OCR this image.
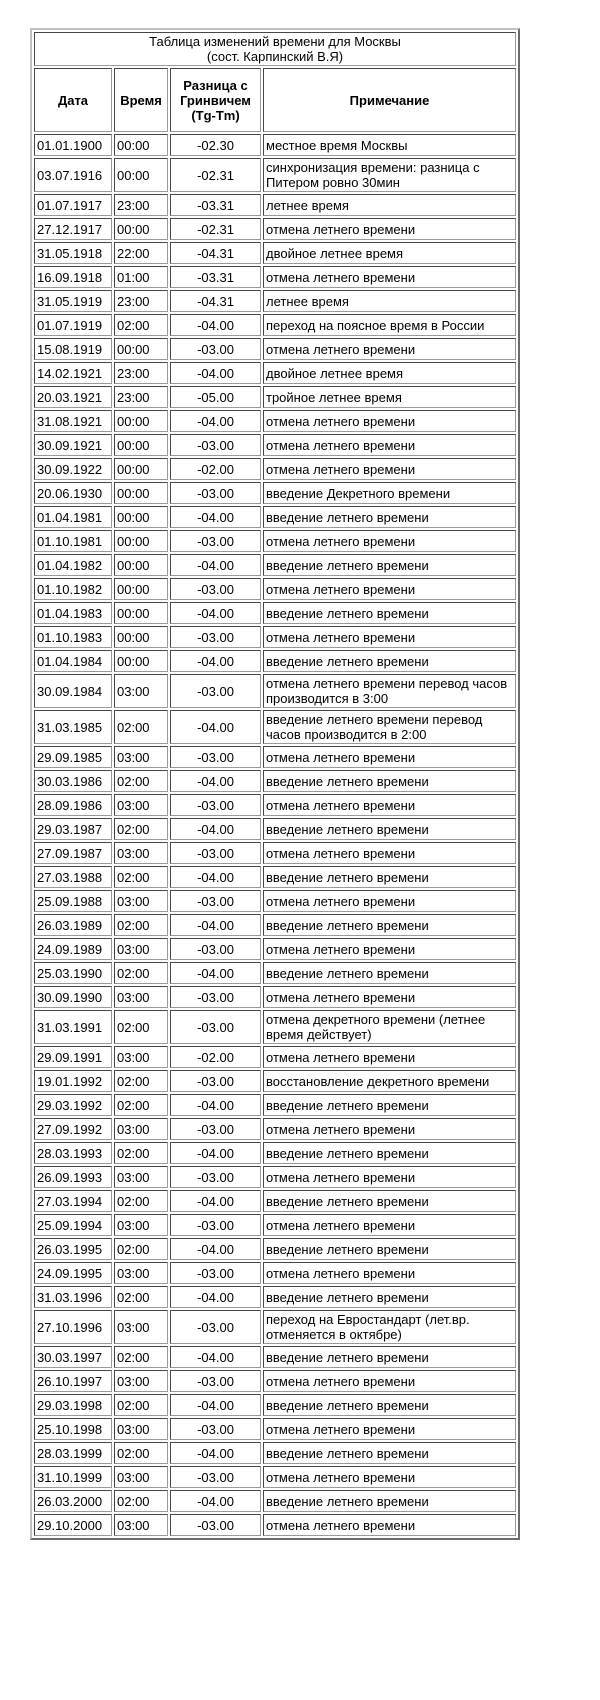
Таблица изменений времени для Москвы
(сост. Карпинский В.Я)			

Дата	Время	Разница с Гринвичем (Tg-Tm)	Примечание
01.01.1900	00:00	-02.30	местное время Москвы
03.07.1916	00:00	-02.31	синхронизация времени: разница с Питером ровно 30мин
01.07.1917	23:00	-03.31	летнее время
27.12.1917	00:00	-02.31	отмена летнего времени
31.05.1918	22:00	-04.31	двойное летнее время
16.09.1918	01:00	-03.31	отмена летнего времени
31.05.1919	23:00	-04.31	летнее время
01.07.1919	02:00	-04.00	переход на поясное время в России
15.08.1919	00:00	-03.00	отмена летнего времени
14.02.1921	23:00	-04.00	двойное летнее время
20.03.1921	23:00	-05.00	тройное летнее время
31.08.1921	00:00	-04.00	отмена летнего времени
30.09.1921	00:00	-03.00	отмена летнего времени
30.09.1922	00:00	-02.00	отмена летнего времени
20.06.1930	00:00	-03.00	введение Декретного времени
01.04.1981	00:00	-04.00	введение летнего времени
01.10.1981	00:00	-03.00	отмена летнего времени
01.04.1982	00:00	-04.00	введение летнего времени
01.10.1982	00:00	-03.00	отмена летнего времени
01.04.1983	00:00	-04.00	введение летнего времени
01.10.1983	00:00	-03.00	отмена летнего времени
01.04.1984	00:00	-04.00	введение летнего времени
30.09.1984	03:00	-03.00	отмена летнего времени перевод часов производится в 3:00
31.03.1985	02:00	-04.00	введение летнего времени перевод часов производится в 2:00
29.09.1985	03:00	-03.00	отмена летнего времени
30.03.1986	02:00	-04.00	введение летнего времени
28.09.1986	03:00	-03.00	отмена летнего времени
29.03.1987	02:00	-04.00	введение летнего времени
27.09.1987	03:00	-03.00	отмена летнего времени
27.03.1988	02:00	-04.00	введение летнего времени
25.09.1988	03:00	-03.00	отмена летнего времени
26.03.1989	02:00	-04.00	введение летнего времени
24.09.1989	03:00	-03.00	отмена летнего времени
25.03.1990	02:00	-04.00	введение летнего времени
30.09.1990	03:00	-03.00	отмена летнего времени
31.03.1991	02:00	-03.00	отмена декретного времени (летнее время действует)
29.09.1991	03:00	-02.00	отмена летнего времени
19.01.1992	02:00	-03.00	восстановление декретного времени
29.03.1992	02:00	-04.00	введение летнего времени
27.09.1992	03:00	-03.00	отмена летнего времени
28.03.1993	02:00	-04.00	введение летнего времени
26.09.1993	03:00	-03.00	отмена летнего времени
27.03.1994	02:00	-04.00	введение летнего времени
25.09.1994	03:00	-03.00	отмена летнего времени
26.03.1995	02:00	-04.00	введение летнего времени
24.09.1995	03:00	-03.00	отмена летнего времени
31.03.1996	02:00	-04.00	введение летнего времени
27.10.1996	03:00	-03.00	переход на Евростандарт (лет.вр. отменяется в октябре)
30.03.1997	02:00	-04.00	введение летнего времени
26.10.1997	03:00	-03.00	отмена летнего времени
29.03.1998	02:00	-04.00	введение летнего времени
25.10.1998	03:00	-03.00	отмена летнего времени
28.03.1999	02:00	-04.00	введение летнего времени
31.10.1999	03:00	-03.00	отмена летнего времени
26.03.2000	02:00	-04.00	введение летнего времени
29.10.2000	03:00	-03.00	отмена летнего времени
